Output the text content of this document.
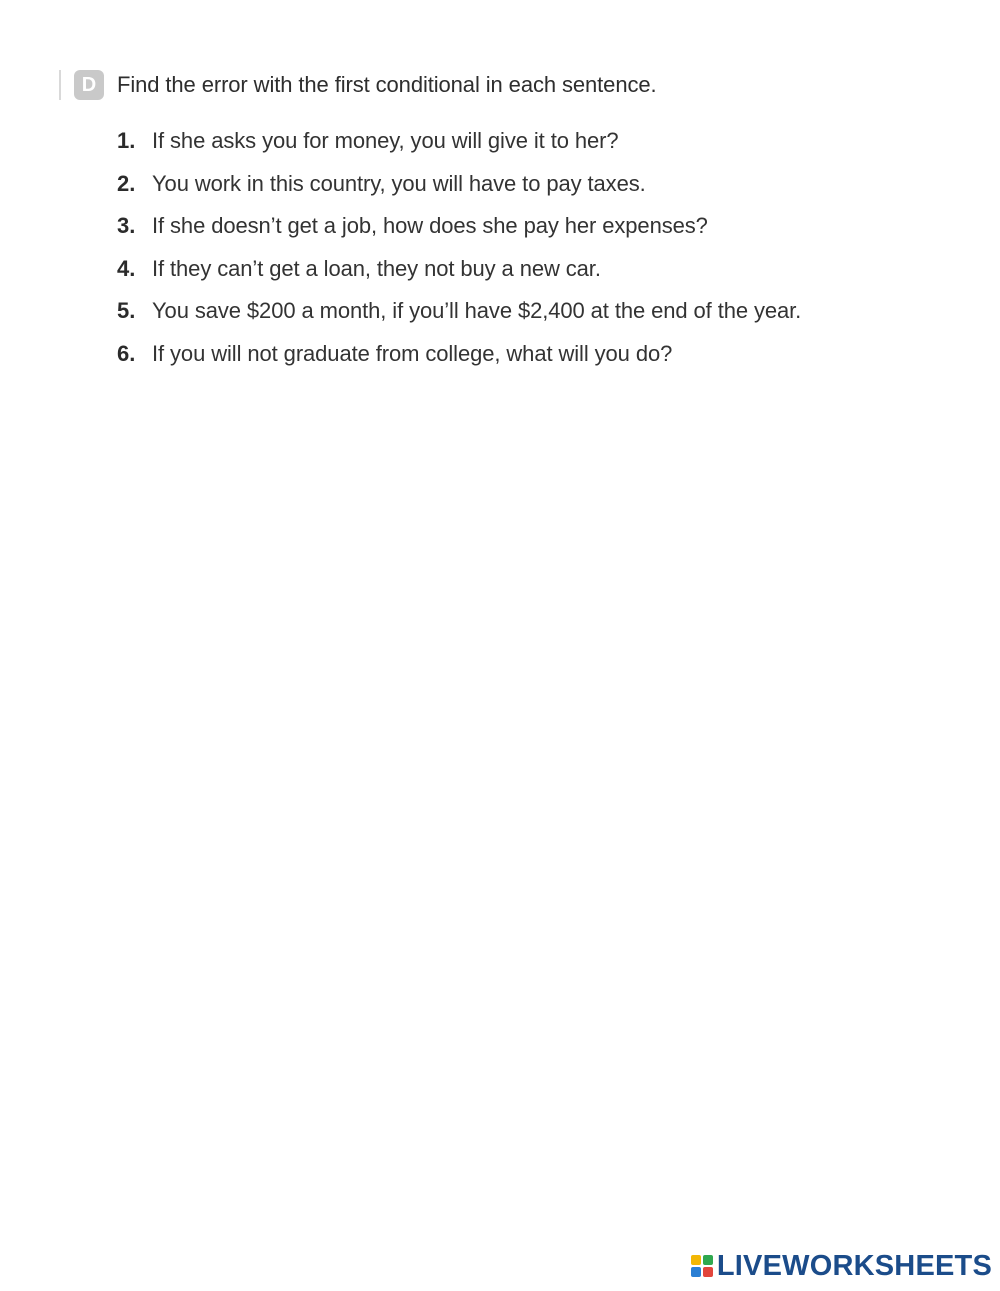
D Find the error with the first conditional in each sentence.
1. If she asks you for money, you will give it to her?
2. You work in this country, you will have to pay taxes.
3. If she doesn’t get a job, how does she pay her expenses?
4. If they can’t get a loan, they not buy a new car.
5. You save $200 a month, if you’ll have $2,400 at the end of the year.
6. If you will not graduate from college, what will you do?
LIVEWORKSHEETS
